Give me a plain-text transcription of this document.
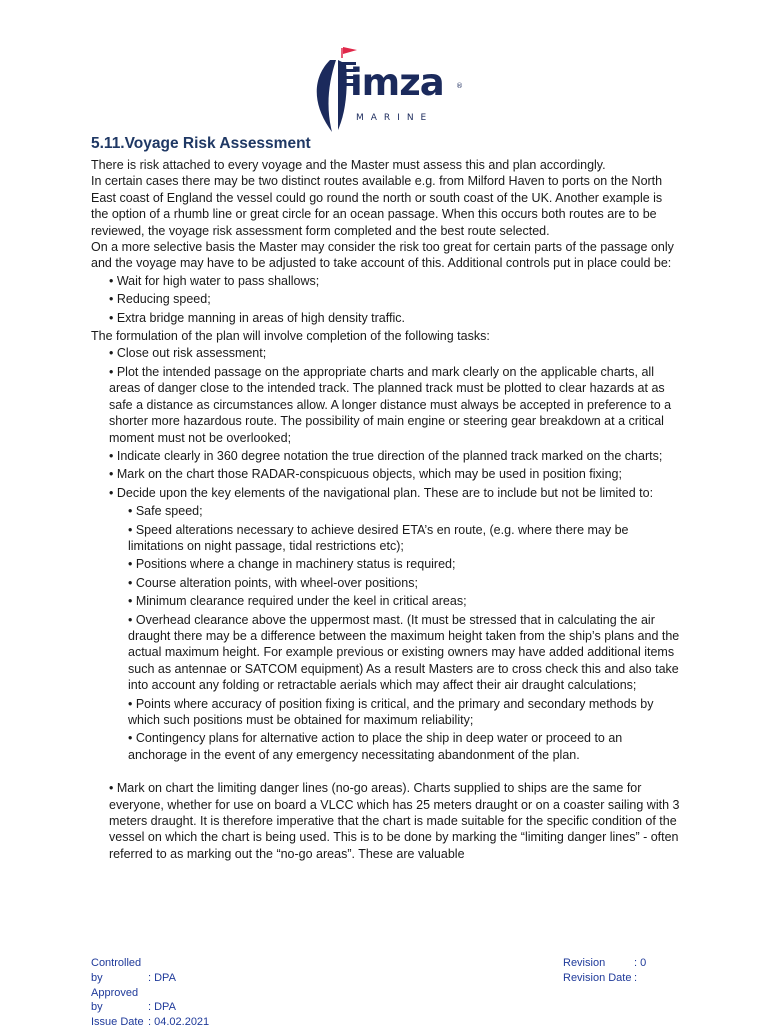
imza ®
MARINE
5.11.Voyage Risk Assessment

There is risk attached to every voyage and the Master must assess this and plan accordingly.

In certain cases there may be two distinct routes available e.g. from Milford Haven to ports on the North East coast of England the vessel could go round the north or south coast of the UK. Another example is the option of a rhumb line or great circle for an ocean passage. When this occurs both routes are to be reviewed, the voyage risk assessment form completed and the best route selected.

On a more selective basis the Master may consider the risk too great for certain parts of the passage only and the voyage may have to be adjusted to take account of this. Additional controls put in place could be:

• Wait for high water to pass shallows;
• Reducing speed;
• Extra bridge manning in areas of high density traffic.

The formulation of the plan will involve completion of the following tasks:

• Close out risk assessment;
• Plot the intended passage on the appropriate charts and mark clearly on the applicable charts, all areas of danger close to the intended track. The planned track must be plotted to clear hazards at as safe a distance as circumstances allow. A longer distance must always be accepted in preference to a shorter more hazardous route. The possibility of main engine or steering gear breakdown at a critical moment must not be overlooked;
• Indicate clearly in 360 degree notation the true direction of the planned track marked on the charts;
• Mark on the chart those RADAR-conspicuous objects, which may be used in position fixing;
• Decide upon the key elements of the navigational plan. These are to include but not be limited to:
• Safe speed;
• Speed alterations necessary to achieve desired ETA’s en route, (e.g. where there may be limitations on night passage, tidal restrictions etc);
• Positions where a change in machinery status is required;
• Course alteration points, with wheel-over positions;
• Minimum clearance required under the keel in critical areas;
• Overhead clearance above the uppermost mast. (It must be stressed that in calculating the air draught there may be a difference between the maximum height taken from the ship’s plans and the actual maximum height. For example previous or existing owners may have added additional items such as antennae or SATCOM equipment) As a result Masters are to cross check this and also take into account any folding or retractable aerials which may affect their air draught calculations;
• Points where accuracy of position fixing is critical, and the primary and secondary methods by which such positions must be obtained for maximum reliability;
• Contingency plans for alternative action to place the ship in deep water or proceed to an anchorage in the event of any emergency necessitating abandonment of the plan.
• Mark on chart the limiting danger lines (no-go areas). Charts supplied to ships are the same for everyone, whether for use on board a VLCC which has 25 meters draught or on a coaster sailing with 3 meters draught. It is therefore imperative that the chart is made suitable for the specific condition of the vessel on which the chart is being used. This is to be done by marking the “limiting danger lines” - often referred to as marking out the “no-go areas”. These are valuable
Controlled by	: DPA
Approved by	: DPA
Issue Date : 04.02.2021
Revision	: 0
Revision Date :
